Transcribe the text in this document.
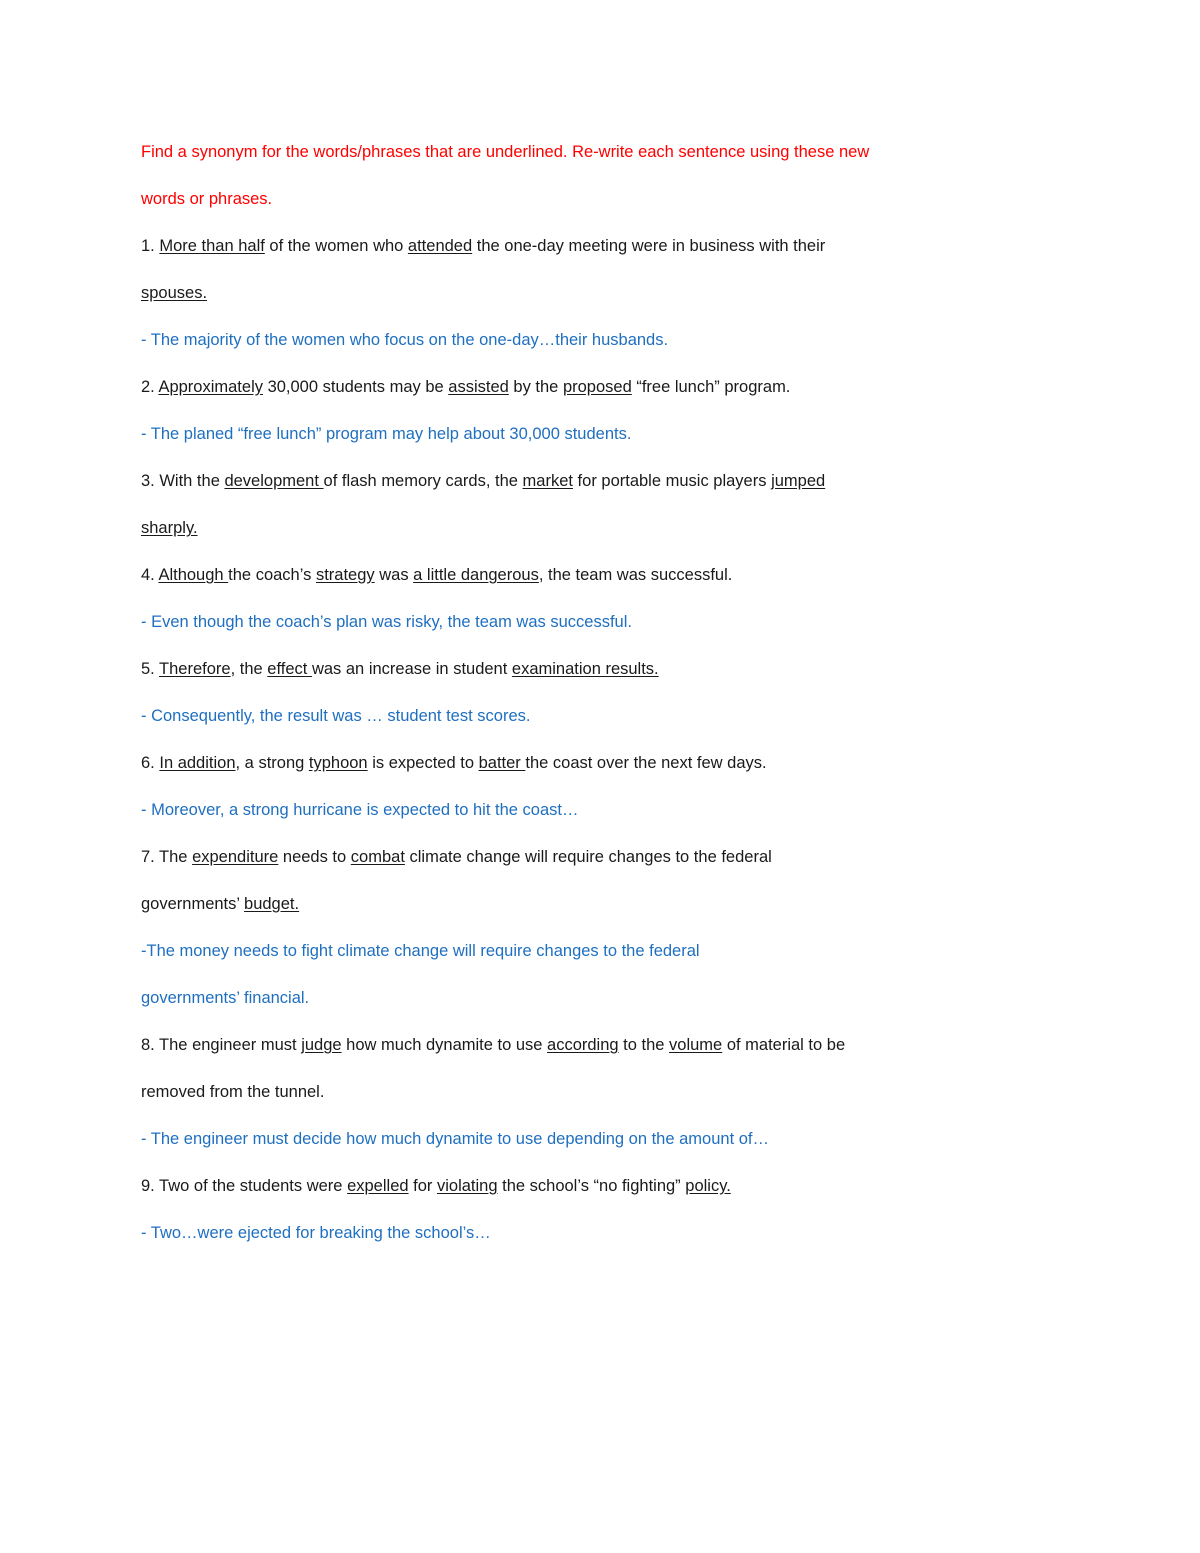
Find a synonym for the words/phrases that are underlined. Re-write each sentence using these new
words or phrases.
1. More than half of the women who attended the one-day meeting were in business with their
spouses.
- The majority of the women who focus on the one-day…their husbands.
2. Approximately 30,000 students may be assisted by the proposed “free lunch” program.
- The planed “free lunch” program may help about 30,000 students.
3. With the development of flash memory cards, the market for portable music players jumped
sharply.
4. Although the coach’s strategy was a little dangerous, the team was successful.
- Even though the coach’s plan was risky, the team was successful.
5. Therefore, the effect was an increase in student examination results.
- Consequently, the result was … student test scores.
6. In addition, a strong typhoon is expected to batter the coast over the next few days.
- Moreover, a strong hurricane is expected to hit the coast…
7. The expenditure needs to combat climate change will require changes to the federal
governments’ budget.
-The money needs to fight climate change will require changes to the federal
governments’ financial.
8. The engineer must judge how much dynamite to use according to the volume of material to be
removed from the tunnel.
- The engineer must decide how much dynamite to use depending on the amount of…
9. Two of the students were expelled for violating the school’s “no fighting” policy.
- Two…were ejected for breaking the school’s…
